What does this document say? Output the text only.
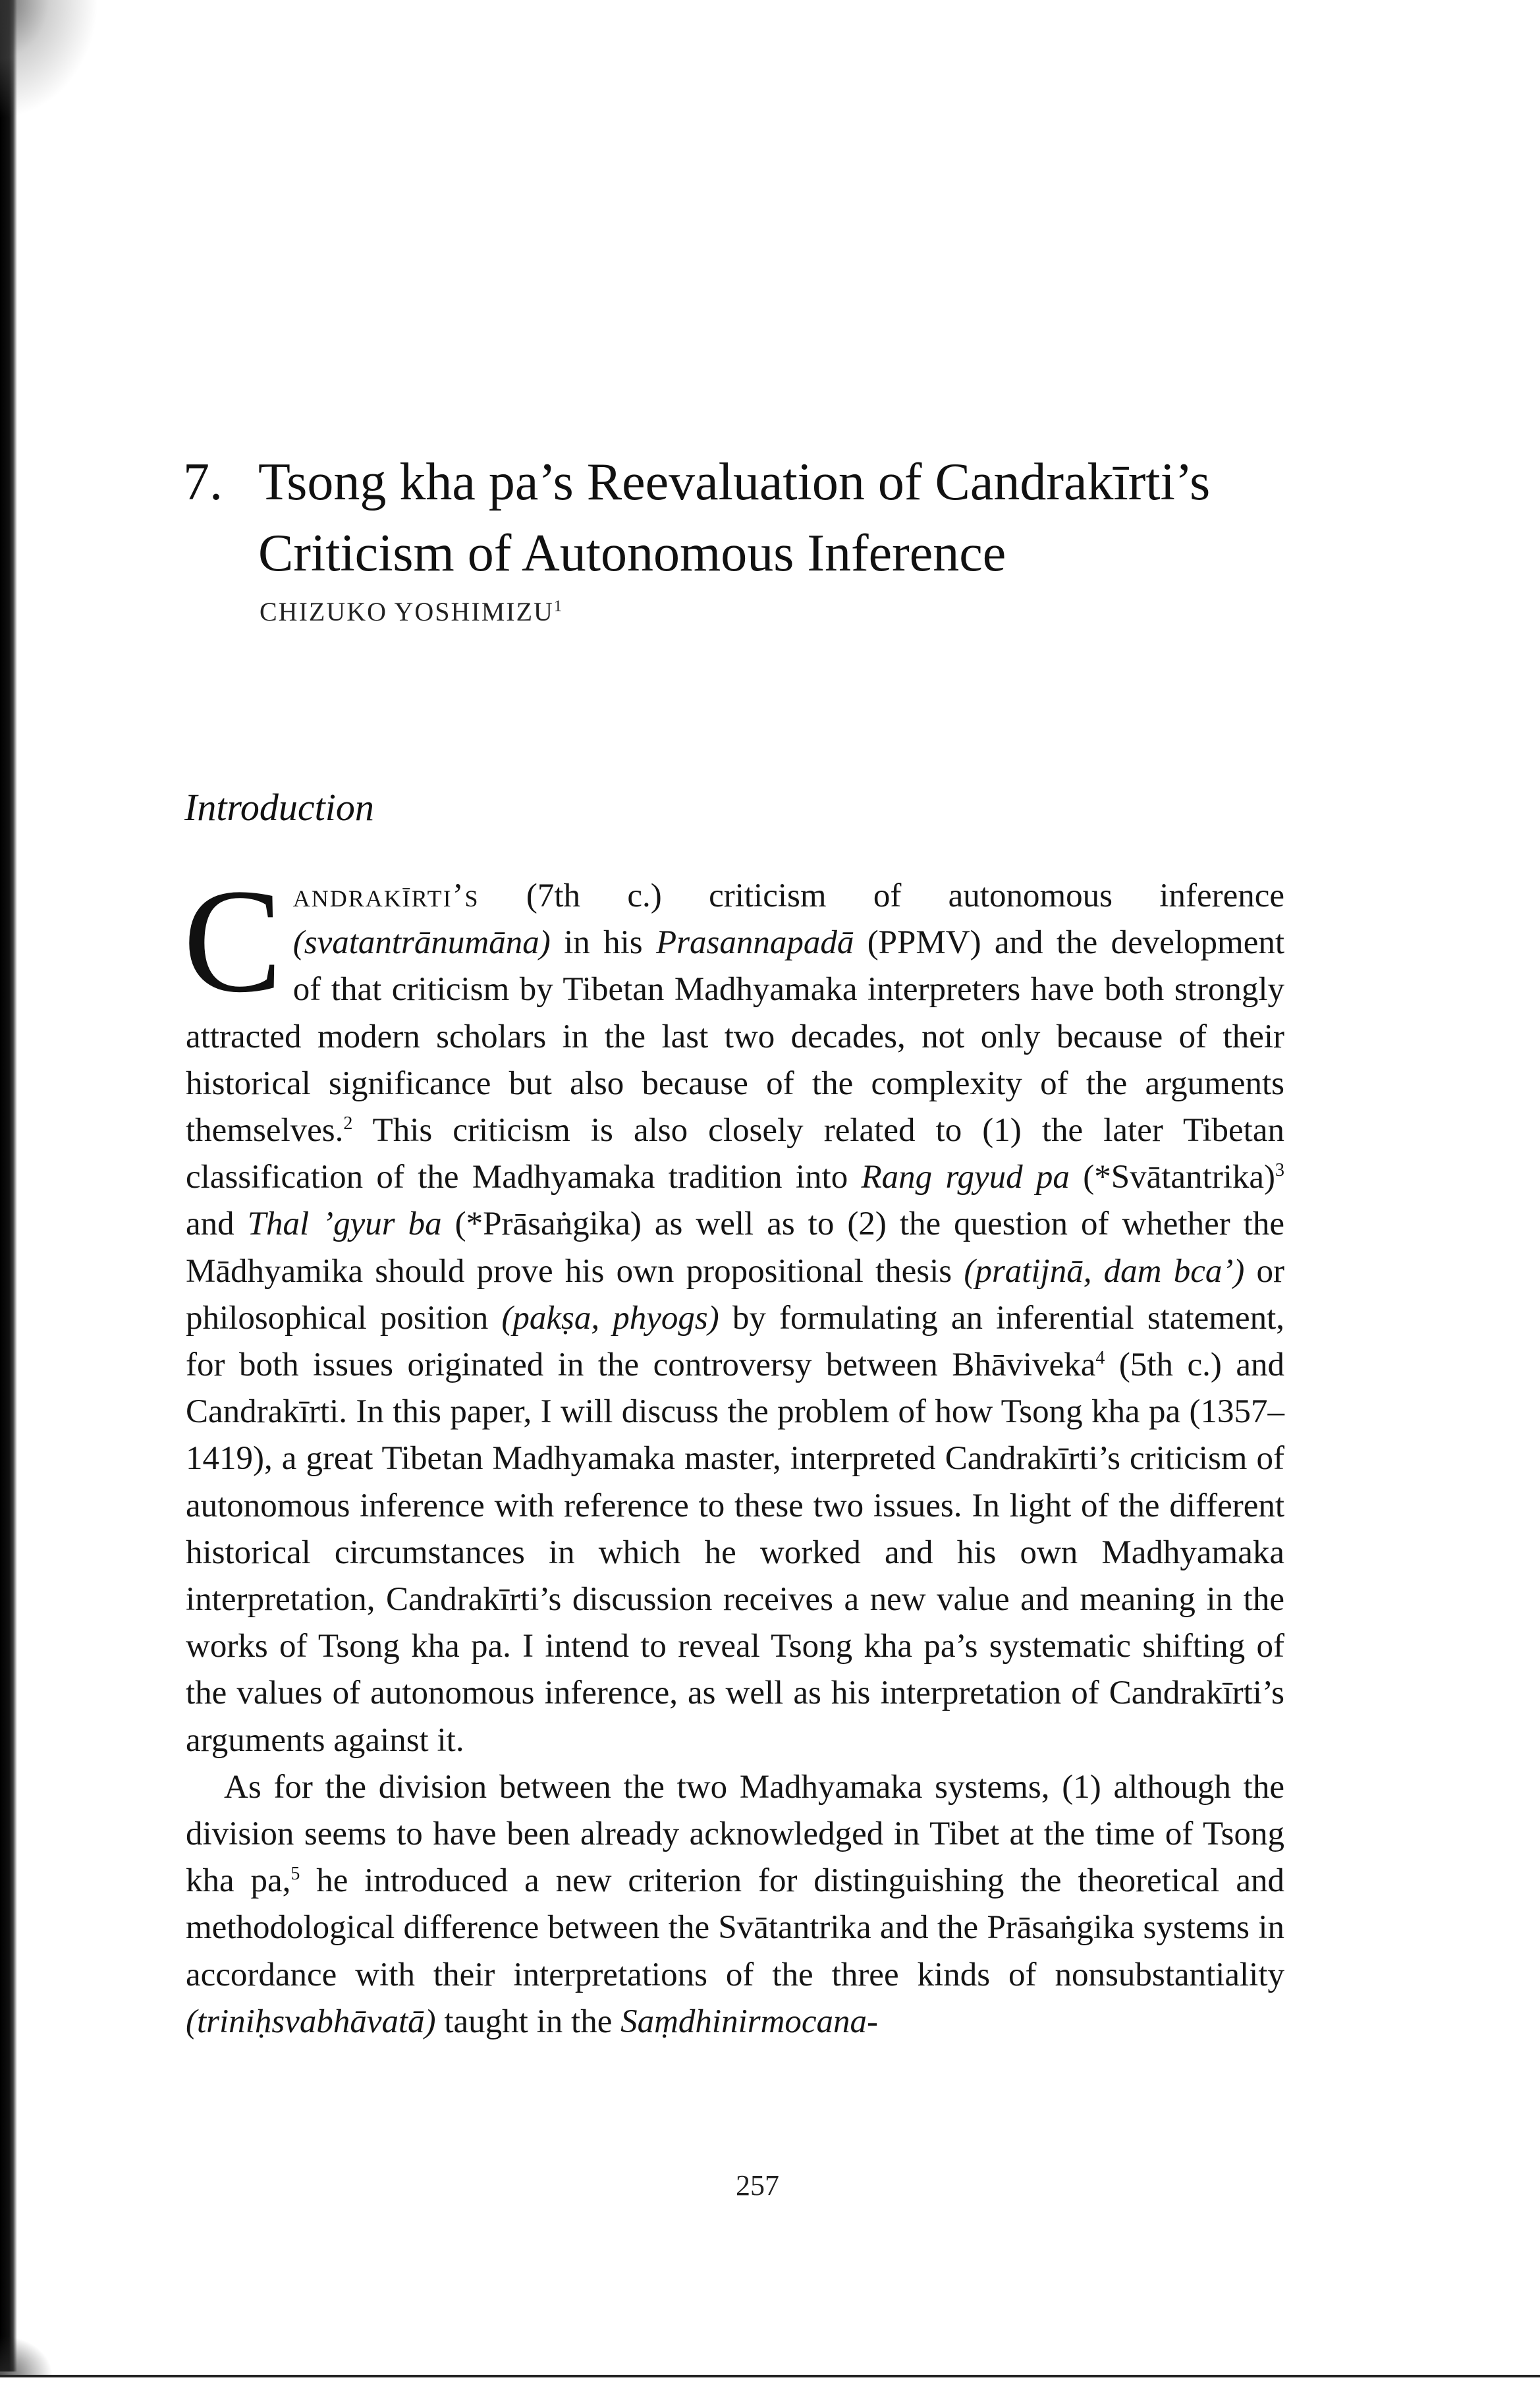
7. Tsong kha pa’s Reevaluation of Candrakīrti’s
Criticism of Autonomous Inference
CHIZUKO YOSHIMIZU$^1$
Introduction

Candrakīrti’s (7th c.) criticism of autonomous inference (svatantrānumāna) in his Prasannapadā (PPMV) and the development of that criticism by Tibetan Madhyamaka interpreters have both strongly attracted modern scholars in the last two decades, not only because of their historical significance but also because of the complexity of the arguments themselves.$^2$ This criticism is also closely related to (1) the later Tibetan classification of the Madhyamaka tradition into Rang rgyud pa (*Svātantrika)$^3$ and Thal ’gyur ba (*Prāsaṅgika) as well as to (2) the question of whether the Mādhyamika should prove his own propositional thesis (pratijnā, dam bca’) or philosophical position (pakṣa, phyogs) by formulating an inferential statement, for both issues originated in the controversy between Bhāviveka$^4$ (5th c.) and Candrakīrti. In this paper, I will discuss the problem of how Tsong kha pa (1357–1419), a great Tibetan Madhyamaka master, interpreted Candrakīrti’s criticism of autonomous inference with reference to these two issues. In light of the different historical circumstances in which he worked and his own Madhyamaka interpretation, Candrakīrti’s discussion receives a new value and meaning in the works of Tsong kha pa. I intend to reveal Tsong kha pa’s systematic shifting of the values of autonomous inference, as well as his interpretation of Candrakīrti’s arguments against it.

As for the division between the two Madhyamaka systems, (1) although the division seems to have been already acknowledged in Tibet at the time of Tsong kha pa,$^5$ he introduced a new criterion for distinguishing the theoretical and methodological difference between the Svātantrika and the Prāsaṅgika systems in accordance with their interpretations of the three kinds of nonsubstantiality (triniḥsvabhāvatā) taught in the Saṃdhinirmocana-

257
